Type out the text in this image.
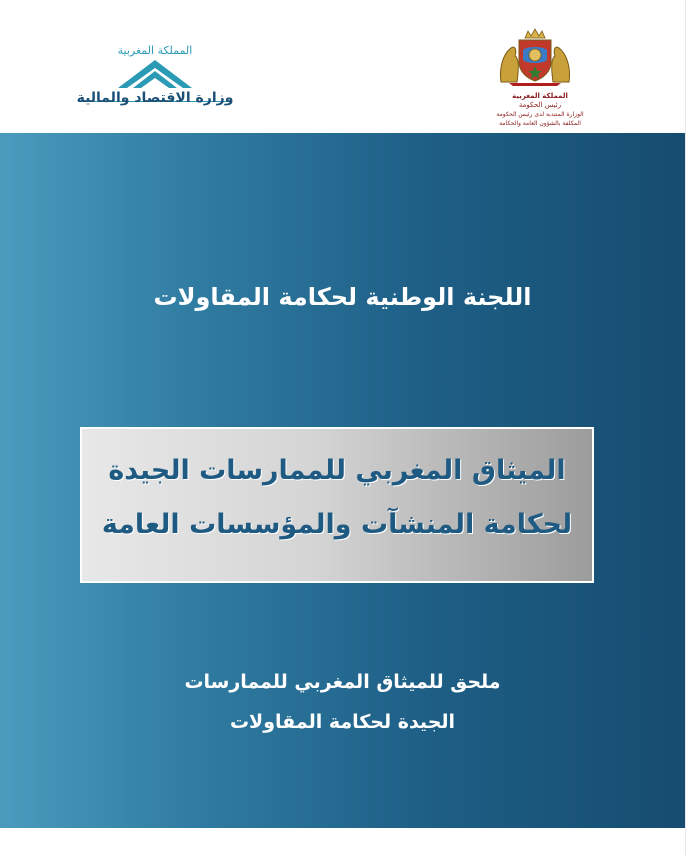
المملكة المغربية
وزارة الاقتصاد والمالية	المملكة المغربية
رئيس الحكومة
الوزارة المنتدبة لدى رئيس الحكومة
المكلفة بالشؤون العامة والحكامة
اللجنة الوطنية لحكامة المقاولات
الميثاق المغربي للممارسات الجيدة
لحكامة المنشآت والمؤسسات العامة
ملحق للميثاق المغربي للممارسات
الجيدة لحكامة المقاولات
